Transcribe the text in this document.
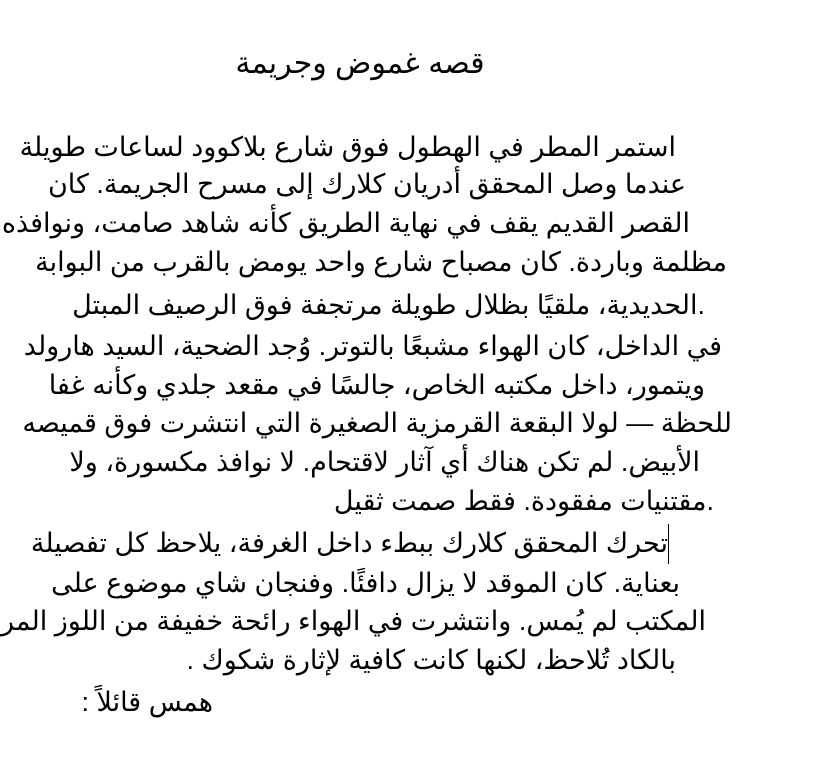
قصه غموض وجريمة
استمر المطر في الهطول فوق شارع بلاكوود لساعات طويلة
عندما وصل المحقق أدريان كلارك إلى مسرح الجريمة. كان
القصر القديم يقف في نهاية الطريق كأنه شاهد صامت، ونوافذه
مظلمة وباردة. كان مصباح شارع واحد يومض بالقرب من البوابة
.الحديدية، ملقيًا بظلال طويلة مرتجفة فوق الرصيف المبتل
في الداخل، كان الهواء مشبعًا بالتوتر. وُجد الضحية، السيد هارولد
ويتمور، داخل مكتبه الخاص، جالسًا في مقعد جلدي وكأنه غفا
للحظة — لولا البقعة القرمزية الصغيرة التي انتشرت فوق قميصه
الأبيض. لم تكن هناك أي آثار لاقتحام. لا نوافذ مكسورة، ولا
.مقتنيات مفقودة. فقط صمت ثقيل
تحرك المحقق كلارك ببطء داخل الغرفة، يلاحظ كل تفصيلة
بعناية. كان الموقد لا يزال دافئًا. وفنجان شاي موضوع على
المكتب لم يُمس. وانتشرت في الهواء رائحة خفيفة من اللوز المر
بالكاد تُلاحظ، لكنها كانت كافية لإثارة شكوك .
همس قائلاً :
